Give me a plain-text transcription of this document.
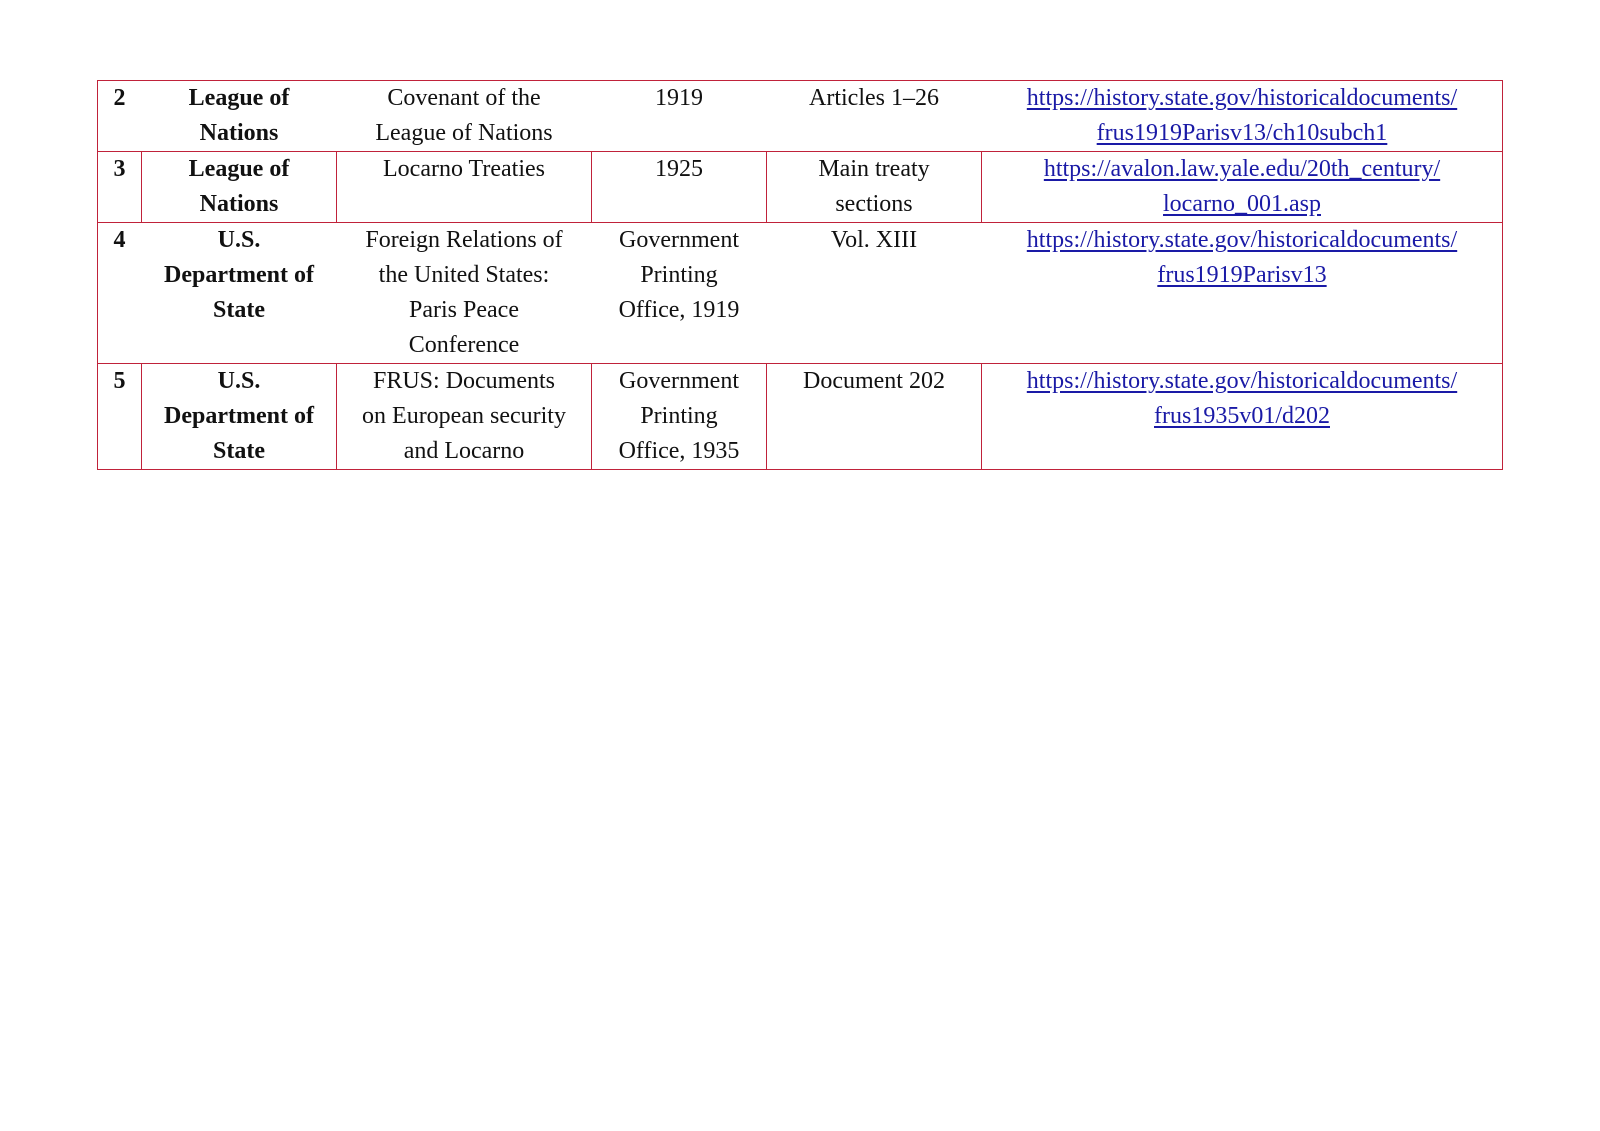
2	League of
Nations	Covenant of the
League of Nations	1919	Articles 1–26	https://history.state.gov/historicaldocuments/
frus1919Parisv13/ch10subch1

3	League of
Nations	Locarno Treaties	1925	Main treaty
sections	https://avalon.law.yale.edu/20th_century/
locarno_001.asp

4	U.S.
Department of
State	Foreign Relations of
the United States:
Paris Peace
Conference	Government
Printing
Office, 1919	Vol. XIII	https://history.state.gov/historicaldocuments/
frus1919Parisv13

5	U.S.
Department of
State	FRUS: Documents
on European security
and Locarno	Government
Printing
Office, 1935	Document 202	https://history.state.gov/historicaldocuments/
frus1935v01/d202
